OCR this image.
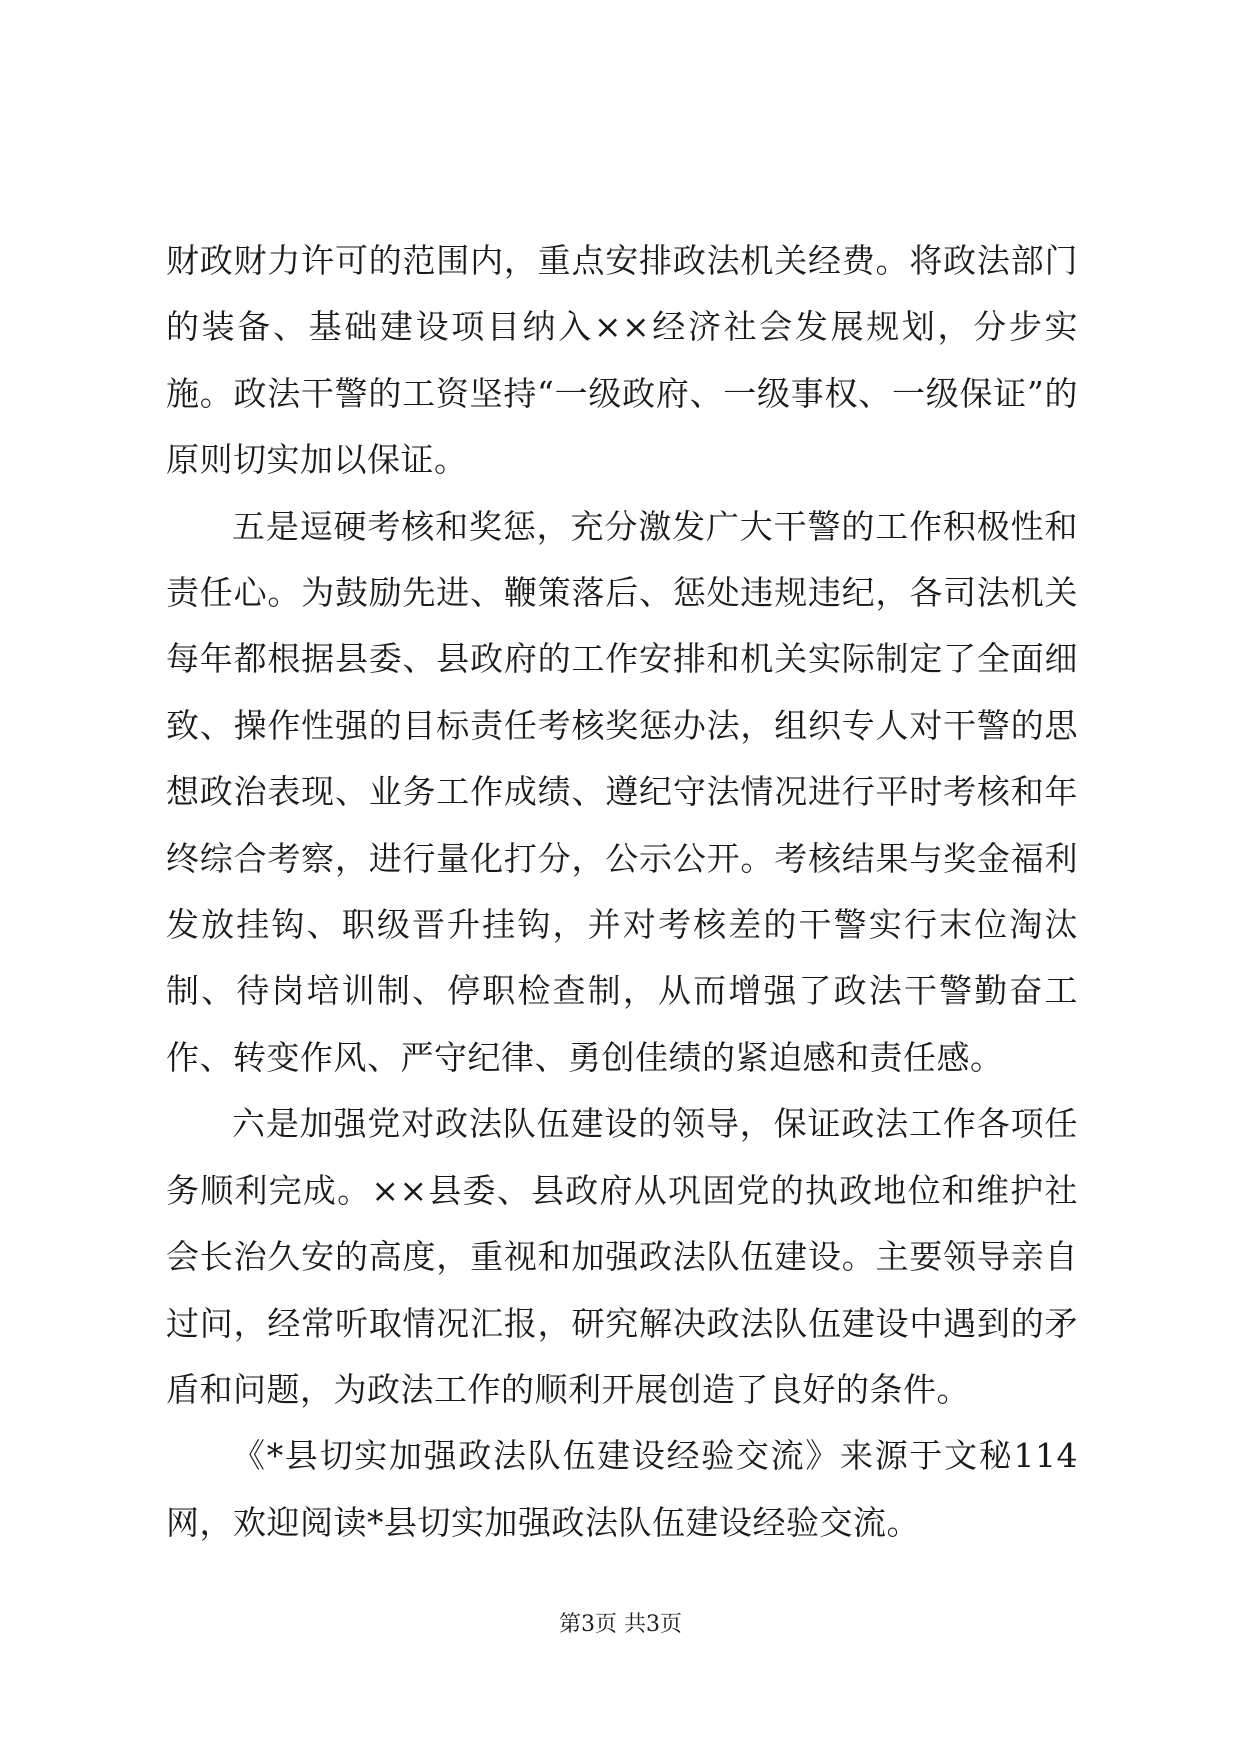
财政财力许可的范围内，重点安排政法机关经费。将政法部门的装备、基础建设项目纳入××经济社会发展规划，分步实施。政法干警的工资坚持“一级政府、一级事权、一级保证”的原则切实加以保证。

五是逗硬考核和奖惩，充分激发广大干警的工作积极性和责任心。为鼓励先进、鞭策落后、惩处违规违纪，各司法机关每年都根据县委、县政府的工作安排和机关实际制定了全面细致、操作性强的目标责任考核奖惩办法，组织专人对干警的思想政治表现、业务工作成绩、遵纪守法情况进行平时考核和年终综合考察，进行量化打分，公示公开。考核结果与奖金福利发放挂钩、职级晋升挂钩，并对考核差的干警实行末位淘汰制、待岗培训制、停职检查制，从而增强了政法干警勤奋工作、转变作风、严守纪律、勇创佳绩的紧迫感和责任感。

六是加强党对政法队伍建设的领导，保证政法工作各项任务顺利完成。××县委、县政府从巩固党的执政地位和维护社会长治久安的高度，重视和加强政法队伍建设。主要领导亲自过问，经常听取情况汇报，研究解决政法队伍建设中遇到的矛盾和问题，为政法工作的顺利开展创造了良好的条件。

《*县切实加强政法队伍建设经验交流》来源于文秘114网，欢迎阅读*县切实加强政法队伍建设经验交流。

第3页 共3页
